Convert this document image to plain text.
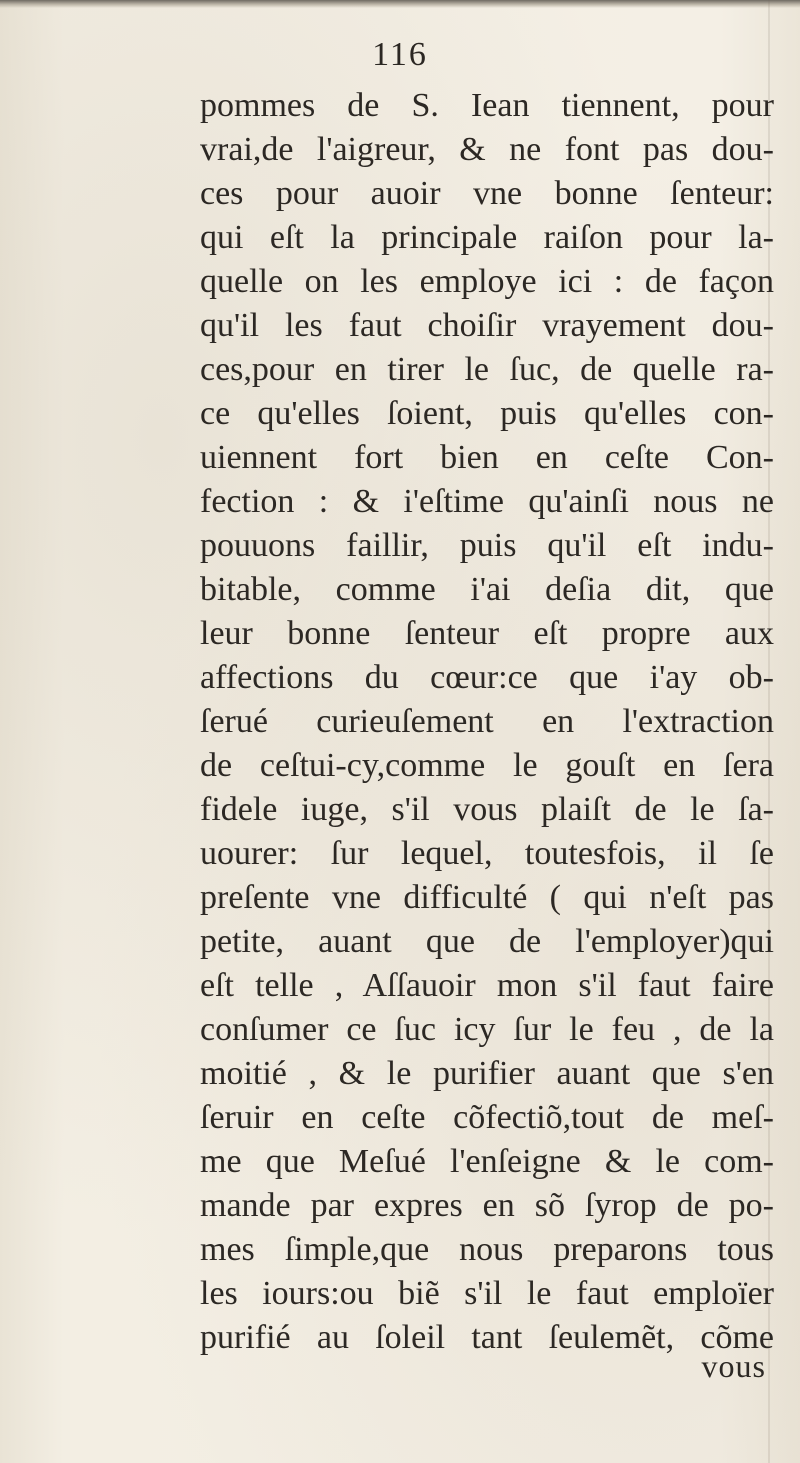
116
pommes de S. Iean tiennent, pour
vrai,de l'aigreur, & ne font pas dou-
ces pour auoir vne bonne ſenteur:
qui eſt la principale raiſon pour la-
quelle on les employe ici : de façon
qu'il les faut choiſir vrayement dou-
ces,pour en tirer le ſuc, de quelle ra-
ce qu'elles ſoient, puis qu'elles con-
uiennent fort bien en ceſte Con-
fection : & i'eſtime qu'ainſi nous ne
pouuons faillir, puis qu'il eſt indu-
bitable, comme i'ai deſia dit, que
leur bonne ſenteur eſt propre aux
affections du cœur:ce que i'ay ob-
ſerué curieuſement en l'extraction
de ceſtui-cy,comme le gouſt en ſera
fidele iuge, s'il vous plaiſt de le ſa-
uourer: ſur lequel, toutesfois, il ſe
preſente vne difficulté ( qui n'eſt pas
petite, auant que de l'employer)qui
eſt telle , Aſſauoir mon s'il faut faire
conſumer ce ſuc icy ſur le feu , de la
moitié , & le purifier auant que s'en
ſeruir en ceſte cõfectiõ,tout de meſ-
me que Meſué l'enſeigne & le com-
mande par expres en sõ ſyrop de po-
mes ſimple,que nous preparons tous
les iours:ou biẽ s'il le faut emploïer
purifié au ſoleil tant ſeulemẽt, cõme
vous
